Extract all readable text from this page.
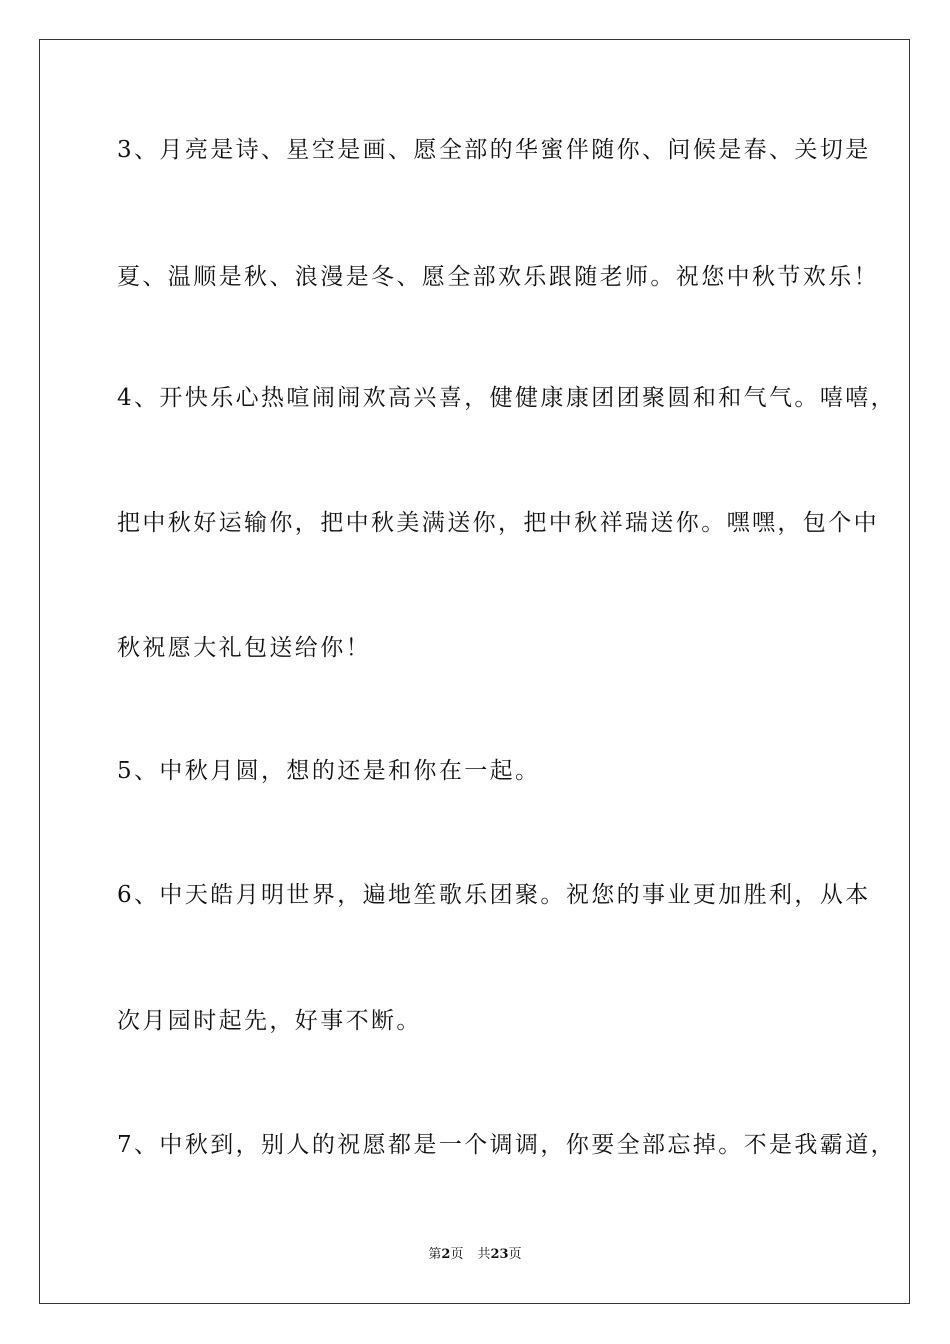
3、月亮是诗、星空是画、愿全部的华蜜伴随你、问候是春、关切是
夏、温顺是秋、浪漫是冬、愿全部欢乐跟随老师。祝您中秋节欢乐！
4、开快乐心热喧闹闹欢高兴喜，健健康康团团聚圆和和气气。嘻嘻，
把中秋好运输你，把中秋美满送你，把中秋祥瑞送你。嘿嘿，包个中
秋祝愿大礼包送给你！
5、中秋月圆，想的还是和你在一起。
6、中天皓月明世界，遍地笙歌乐团聚。祝您的事业更加胜利，从本
次月园时起先，好事不断。
7、中秋到，别人的祝愿都是一个调调，你要全部忘掉。不是我霸道，
第2页 共23页
